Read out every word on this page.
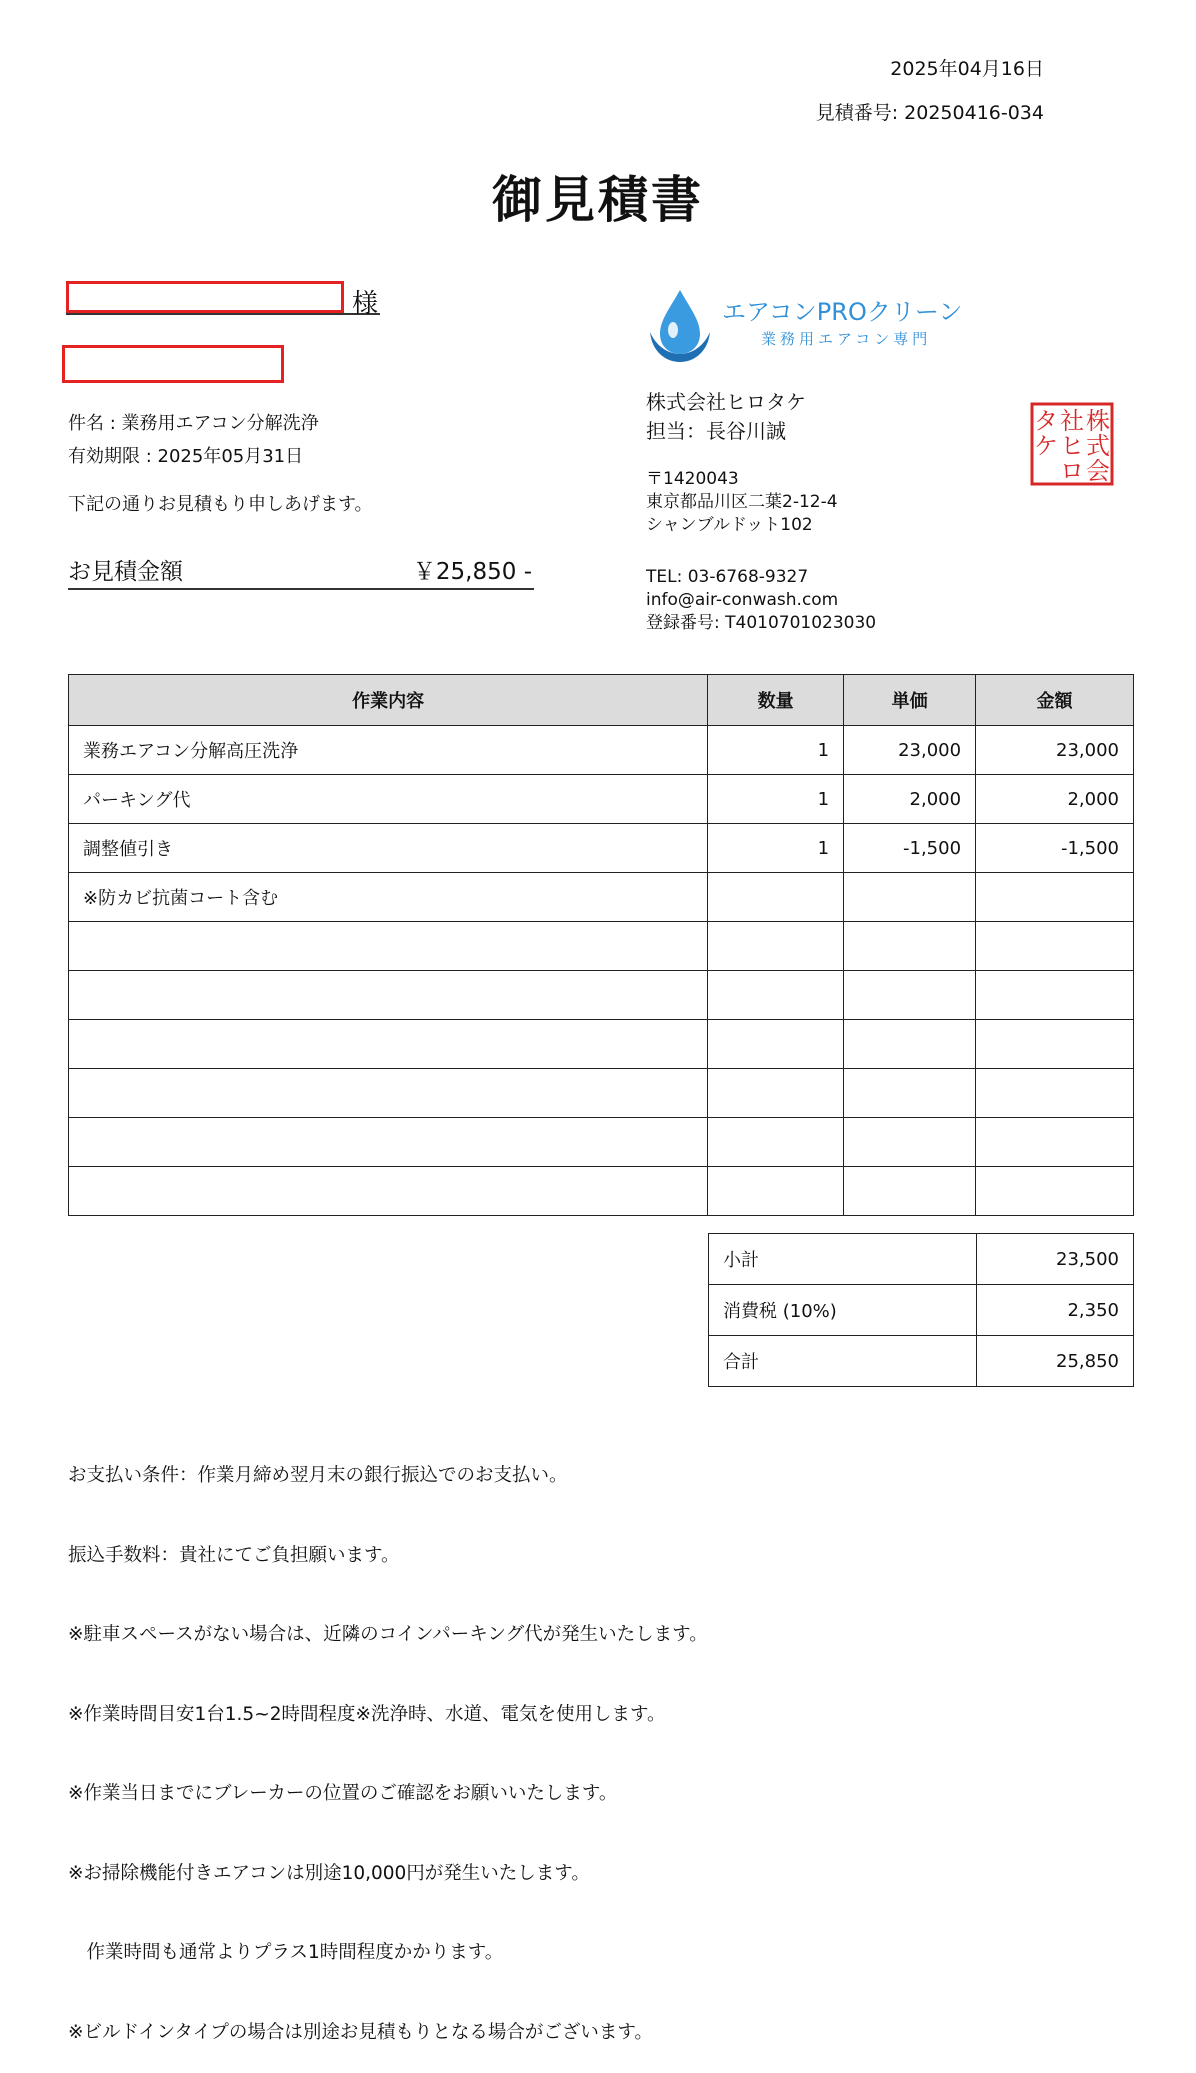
2025年04月16日
見積番号: 20250416-034
御見積書
様
件名 : 業務用エアコン分解洗浄
有効期限 : 2025年05月31日
下記の通りお見積もり申しあげます。
お見積金額	￥25,850 -
エアコンPROクリーン
業務用エアコン専門
株式会社ヒロタケ
担当：長谷川誠
〒1420043
東京都品川区二葉2-12-4
シャンブルドット102
TEL: 03-6768-9327
info@air-conwash.com
登録番号: T4010701023030
株
式
会
社
ヒ
ロ
タ
ケ
作業内容	数量	単価	金額
業務エアコン分解高圧洗浄	1	23,000	23,000
パーキング代	1	2,000	2,000
調整値引き	1	-1,500	-1,500
※防カビ抗菌コート含む			

小計	23,500
消費税 (10%)	2,350
合計	25,850

お支払い条件：作業月締め翌月末の銀行振込でのお支払い。

振込手数料：貴社にてご負担願います。

※駐車スペースがない場合は、近隣のコインパーキング代が発生いたします。

※作業時間目安1台1.5~2時間程度※洗浄時、水道、電気を使用します。

※作業当日までにブレーカーの位置のご確認をお願いいたします。

※お掃除機能付きエアコンは別途10,000円が発生いたします。

　作業時間も通常よりプラス1時間程度かかります。

※ビルドインタイプの場合は別途お見積もりとなる場合がございます。
